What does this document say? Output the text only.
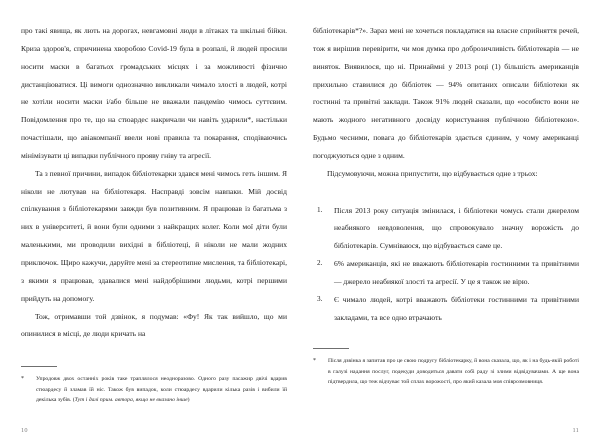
про такі явища, як лють на дорогах, невгамовні люди в літаках та шкільні бійки. Криза здоров'я, спричинена хворобою Covid-19 була в розпалі, й людей просили носити маски в багатьох громадських місцях і за можливості фізично дистанціюватися. Ці вимоги однозначно викликали чимало злості в людей, котрі не хотіли носити маски і/або більше не вважали пандемію чимось суттєвим. Повідомлення про те, що на стюардес накричали чи навіть ударили*, настільки почастішали, що авіакомпанії ввели нові правила та покарання, сподіваючись мінімізувати ці випадки публічного прояву гніву та агресії.

Та з певної причини, випадок бібліотекарки здався мені чимось геть іншим. Я ніколи не лютував на бібліотекаря. Насправді зовсім навпаки. Мій досвід спілкування з бібліотекарями завжди був позитивним. Я працював із багатьма з них в університеті, й вони були одними з найкращих колег. Коли мої діти були маленькими, ми проводили вихідні в бібліотеці, й ніколи не мали жодних приключок. Щиро кажучи, даруйте мені за стереотипне мислення, та бібліотекарі, з якими я працював, здавалися мені найдобрішими людьми, котрі першими прийдуть на допомогу.

Тож, отримавши той дзвінок, я подумав: «Фу! Як так вийшло, що ми опинилися в місці, де люди кричать на

* Упродовж двох останніх років таке траплялося неодноразово. Одного разу пасажир двічі вдарив стюардесу й зламав їй ніс. Також був випадок, коли стюардесу вдарили кілька разів і вибили їй декілька зубів. (Тут і далі прим. автора, якщо не вказано інше)
10

бібліотекарів*?». Зараз мені не хочеться покладатися на власне сприйняття речей, тож я вирішив перевірити, чи моя думка про доброзичливість бібліотекарів — не виняток. Виявилося, що ні. Принаймні у 2013 році (1) більшість американців прихильно ставилися до бібліотек — 94% опитаних описали бібліотеки як гостинні та привітні заклади. Також 91% людей сказали, що «особисто вони не мають жодного негативного досвіду користування публічною бібліотекою». Будьмо чесними, повага до бібліотекарів здається єдиним, у чому американці погоджуються одне з одним.

Підсумовуючи, можна припустити, що відбувається одне з трьох:

1.	Після 2013 року ситуація змінилася, і бібліотеки чомусь стали джерелом неабиякого невдоволення, що спровокувало значну ворожість до бібліотекарів. Сумніваюся, що відбувається саме це.
2.	6% американців, які не вважають бібліотекарів гостинними та привітними — джерело неабиякої злості та агресії. У це я також не вірю.
3.	Є чимало людей, котрі вважають бібліотеки гостинними та привітними закладами, та все одно втрачають
* Після дзвінка я запитав про це свою подругу бібліотекарку, й вона сказала, що, як і на будь-якій роботі в галузі надання послуг, подекуди доводиться давати собі раду зі злими відвідувачами. А ще вона підтвердила, що теж відчуває той сплах ворожості, про який казала моя співрозмовниця.
11
